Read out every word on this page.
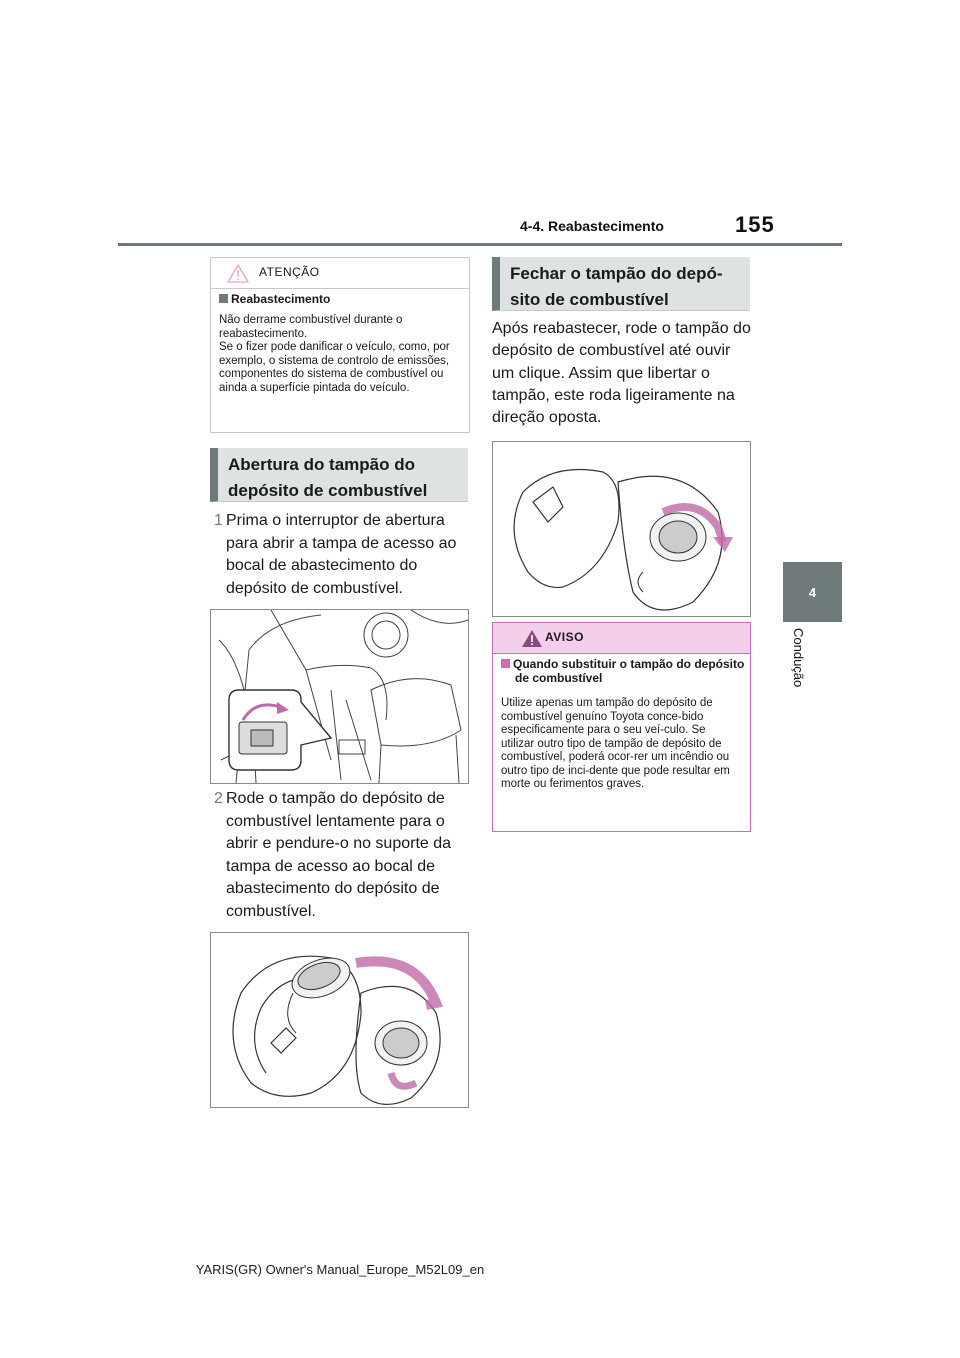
4-4. Reabastecimento	155
4
Condução
ATENÇÃO
Reabastecimento
Não derrame combustível durante o reabastecimento.
Se o fizer pode danificar o veículo, como, por exemplo, o sistema de controlo de emissões, componentes do sistema de combustível ou ainda a superfície pintada do veículo.
Abertura do tampão do depósito de combustível
1 Prima o interruptor de abertura para abrir a tampa de acesso ao bocal de abastecimento do depósito de combustível.
2 Rode o tampão do depósito de combustível lentamente para o abrir e pendure-o no suporte da tampa de acesso ao bocal de abastecimento do depósito de combustível.
Fechar o tampão do depó-sito de combustível
Após reabastecer, rode o tampão do depósito de combustível até ouvir um clique. Assim que libertar o tampão, este roda ligeiramente na direção oposta.
AVISO
Quando substituir o tampão do depósito de combustível
Utilize apenas um tampão do depósito de combustível genuíno Toyota conce-bido especificamente para o seu veí-culo. Se utilizar outro tipo de tampão de depósito de combustível, poderá ocor-rer um incêndio ou outro tipo de inci-dente que pode resultar em morte ou ferimentos graves.
YARIS(GR) Owner's Manual_Europe_M52L09_en
